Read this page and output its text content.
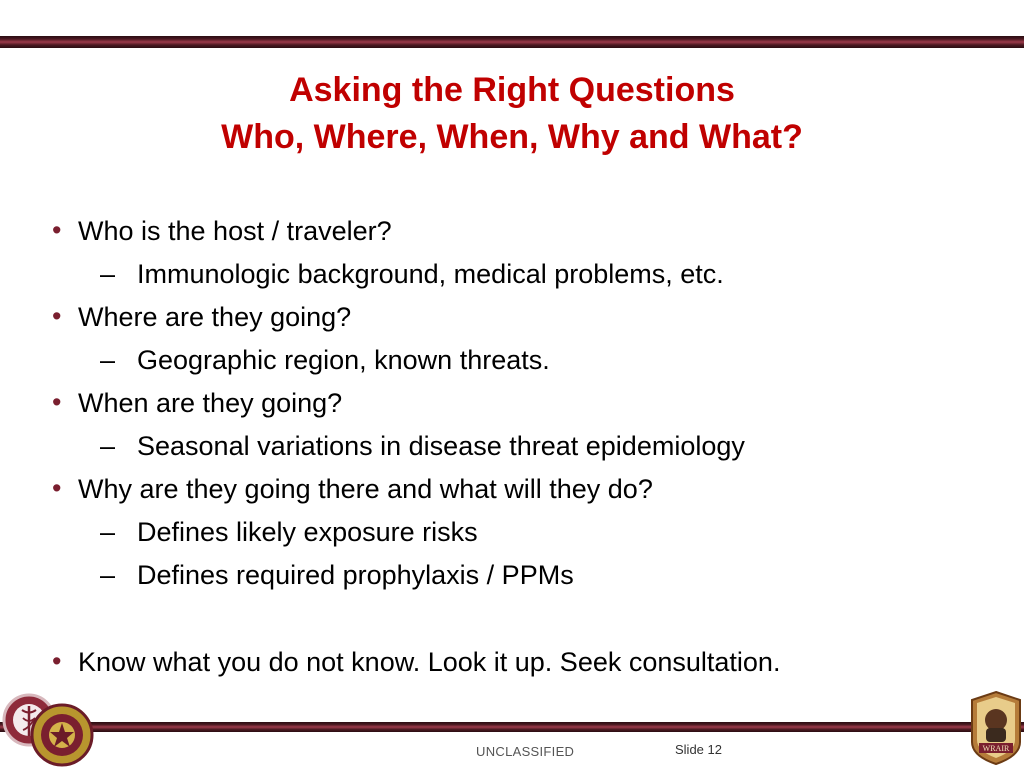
Asking the Right Questions
Who, Where, When, Why and What?
• Who is the host / traveler?
– Immunologic background, medical problems, etc.
• Where are they going?
– Geographic region, known threats.
• When are they going?
– Seasonal variations in disease threat epidemiology
• Why are they going there and what will they do?
– Defines likely exposure risks
– Defines required prophylaxis / PPMs
• Know what you do not know. Look it up. Seek consultation.
WRAIR
UNCLASSIFIED	Slide 12
